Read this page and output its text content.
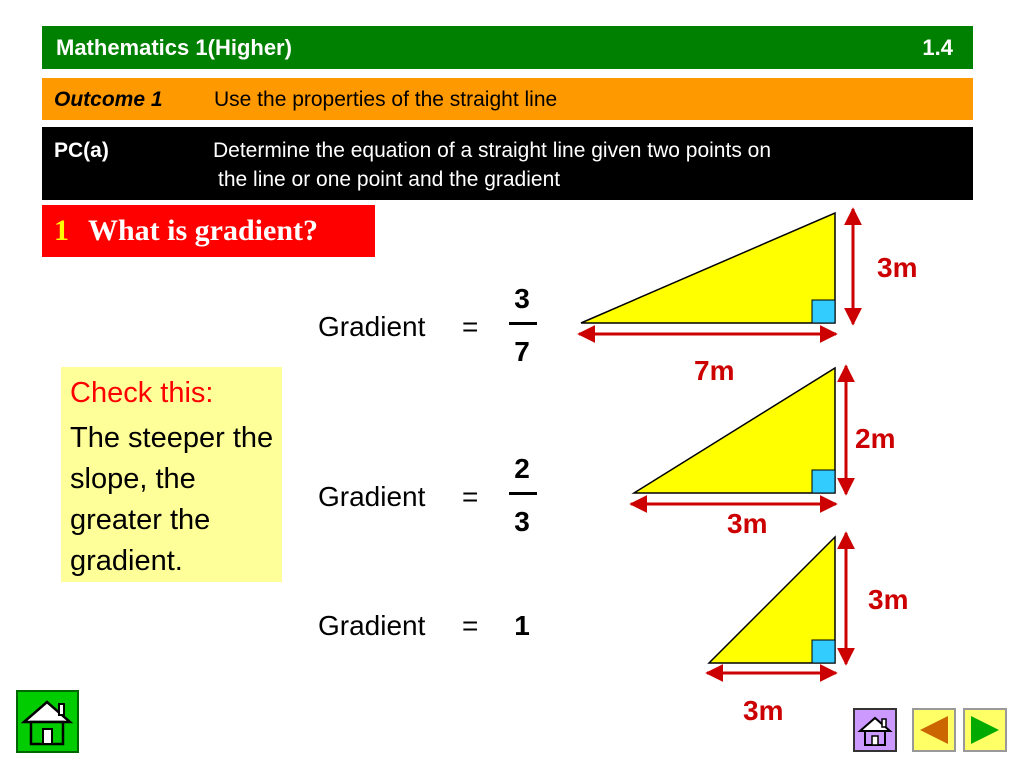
Mathematics 1(Higher)	1.4
Outcome 1 Use the properties of the straight line
PC(a)	Determine the equation of a straight line given two points on
the line or one point and the gradient
1 What is gradient?
Check this:
The steeper the slope, the greater the gradient.
Gradient =
3
7
Gradient =
2
3
Gradient = 1
3m
7m
2m
3m
3m
3m
